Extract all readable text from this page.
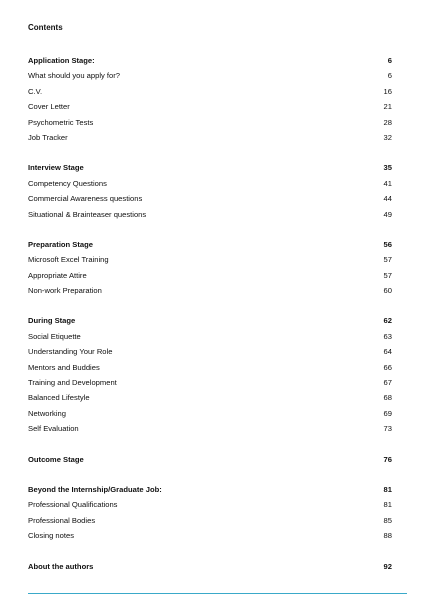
Contents
Application Stage:	6
What should you apply for?	6
C.V.	16
Cover Letter	21
Psychometric Tests	28
Job Tracker	32
Interview Stage	35
Competency Questions	41
Commercial Awareness questions	44
Situational & Brainteaser questions	49
Preparation Stage	56
Microsoft Excel Training	57
Appropriate Attire	57
Non-work Preparation	60
During Stage	62
Social Etiquette	63
Understanding Your Role	64
Mentors and Buddies	66
Training and Development	67
Balanced Lifestyle	68
Networking	69
Self Evaluation	73
Outcome Stage	76
Beyond the Internship/Graduate Job:	81
Professional Qualifications	81
Professional Bodies	85
Closing notes	88
About the authors	92
